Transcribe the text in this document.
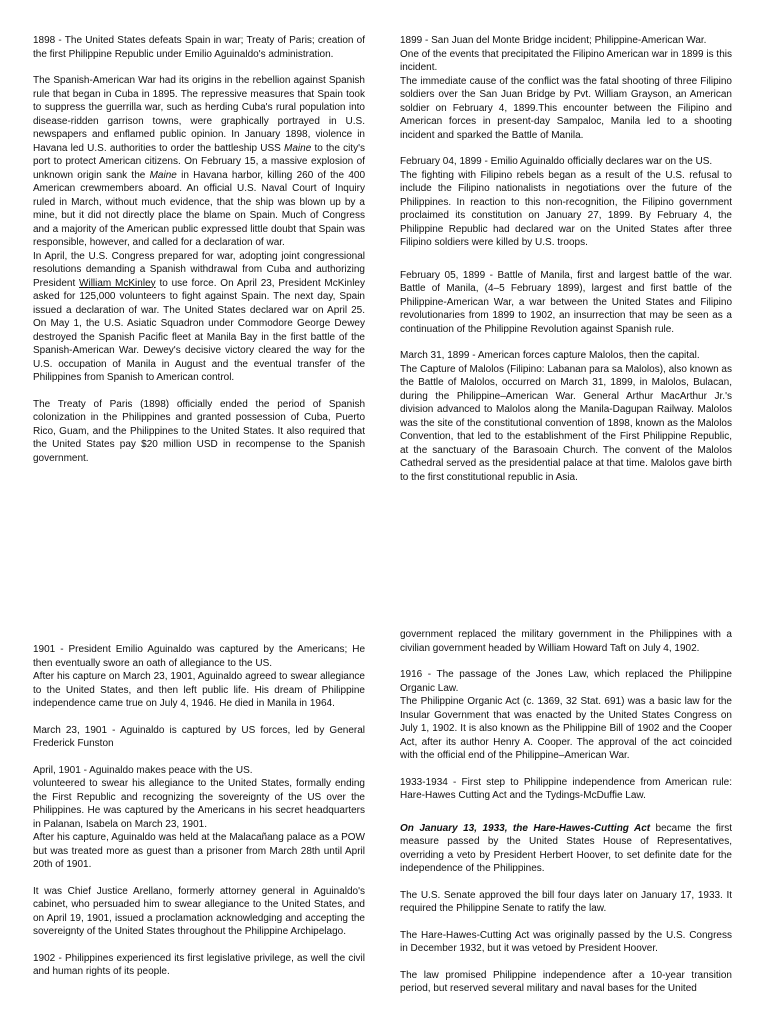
1898 - The United States defeats Spain in war; Treaty of Paris; creation of the first Philippine Republic under Emilio Aguinaldo's administration.

The Spanish-American War had its origins in the rebellion against Spanish rule that began in Cuba in 1895. The repressive measures that Spain took to suppress the guerrilla war, such as herding Cuba's rural population into disease-ridden garrison towns, were graphically portrayed in U.S. newspapers and enflamed public opinion. In January 1898, violence in Havana led U.S. authorities to order the battleship USS Maine to the city's port to protect American citizens. On February 15, a massive explosion of unknown origin sank the Maine in Havana harbor, killing 260 of the 400 American crewmembers aboard. An official U.S. Naval Court of Inquiry ruled in March, without much evidence, that the ship was blown up by a mine, but it did not directly place the blame on Spain. Much of Congress and a majority of the American public expressed little doubt that Spain was responsible, however, and called for a declaration of war.

In April, the U.S. Congress prepared for war, adopting joint congressional resolutions demanding a Spanish withdrawal from Cuba and authorizing President William McKinley to use force. On April 23, President McKinley asked for 125,000 volunteers to fight against Spain. The next day, Spain issued a declaration of war. The United States declared war on April 25. On May 1, the U.S. Asiatic Squadron under Commodore George Dewey destroyed the Spanish Pacific fleet at Manila Bay in the first battle of the Spanish-American War. Dewey's decisive victory cleared the way for the U.S. occupation of Manila in August and the eventual transfer of the Philippines from Spanish to American control.

The Treaty of Paris (1898) officially ended the period of Spanish colonization in the Philippines and granted possession of Cuba, Puerto Rico, Guam, and the Philippines to the United States. It also required that the United States pay $20 million USD in recompense to the Spanish government.

1899 - San Juan del Monte Bridge incident; Philippine-American War.

One of the events that precipitated the Filipino American war in 1899 is this incident.

The immediate cause of the conflict was the fatal shooting of three Filipino soldiers over the San Juan Bridge by Pvt. William Grayson, an American soldier on February 4, 1899.This encounter between the Filipino and American forces in present-day Sampaloc, Manila led to a shooting incident and sparked the Battle of Manila.

February 04, 1899 - Emilio Aguinaldo officially declares war on the US.

The fighting with Filipino rebels began as a result of the U.S. refusal to include the Filipino nationalists in negotiations over the future of the Philippines. In reaction to this non-recognition, the Filipino government proclaimed its constitution on January 27, 1899. By February 4, the Philippine Republic had declared war on the United States after three Filipino soldiers were killed by U.S. troops.

February 05, 1899 - Battle of Manila, first and largest battle of the war. Battle of Manila, (4–5 February 1899), largest and first battle of the Philippine-American War, a war between the United States and Filipino revolutionaries from 1899 to 1902, an insurrection that may be seen as a continuation of the Philippine Revolution against Spanish rule.

March 31, 1899 - American forces capture Malolos, then the capital.

The Capture of Malolos (Filipino: Labanan para sa Malolos), also known as the Battle of Malolos, occurred on March 31, 1899, in Malolos, Bulacan, during the Philippine–American War. General Arthur MacArthur Jr.'s division advanced to Malolos along the Manila-Dagupan Railway. Malolos was the site of the constitutional convention of 1898, known as the Malolos Convention, that led to the establishment of the First Philippine Republic, at the sanctuary of the Barasoain Church. The convent of the Malolos Cathedral served as the presidential palace at that time. Malolos gave birth to the first constitutional republic in Asia.

1901 - President Emilio Aguinaldo was captured by the Americans; He then eventually swore an oath of allegiance to the US.

After his capture on March 23, 1901, Aguinaldo agreed to swear allegiance to the United States, and then left public life. His dream of Philippine independence came true on July 4, 1946. He died in Manila in 1964.

March 23, 1901 - Aguinaldo is captured by US forces, led by General Frederick Funston

April, 1901 - Aguinaldo makes peace with the US.

volunteered to swear his allegiance to the United States, formally ending the First Republic and recognizing the sovereignty of the US over the Philippines. He was captured by the Americans in his secret headquarters in Palanan, Isabela on March 23, 1901.

After his capture, Aguinaldo was held at the Malacañang palace as a POW but was treated more as guest than a prisoner from March 28th until April 20th of 1901.

It was Chief Justice Arellano, formerly attorney general in Aguinaldo's cabinet, who persuaded him to swear allegiance to the United States, and on April 19, 1901, issued a proclamation acknowledging and accepting the sovereignty of the United States throughout the Philippine Archipelago.

1902 - Philippines experienced its first legislative privilege, as well the civil and human rights of its people.

government replaced the military government in the Philippines with a civilian government headed by William Howard Taft on July 4, 1902.

1916 - The passage of the Jones Law, which replaced the Philippine Organic Law.

The Philippine Organic Act (c. 1369, 32 Stat. 691) was a basic law for the Insular Government that was enacted by the United States Congress on July 1, 1902. It is also known as the Philippine Bill of 1902 and the Cooper Act, after its author Henry A. Cooper. The approval of the act coincided with the official end of the Philippine–American War.

1933-1934 - First step to Philippine independence from American rule: Hare-Hawes Cutting Act and the Tydings-McDuffie Law.

On January 13, 1933, the Hare-Hawes-Cutting Act became the first measure passed by the United States House of Representatives, overriding a veto by President Herbert Hoover, to set definite date for the independence of the Philippines.

The U.S. Senate approved the bill four days later on January 17, 1933. It required the Philippine Senate to ratify the law.

The Hare-Hawes-Cutting Act was originally passed by the U.S. Congress in December 1932, but it was vetoed by President Hoover.

The law promised Philippine independence after a 10-year transition period, but reserved several military and naval bases for the United
